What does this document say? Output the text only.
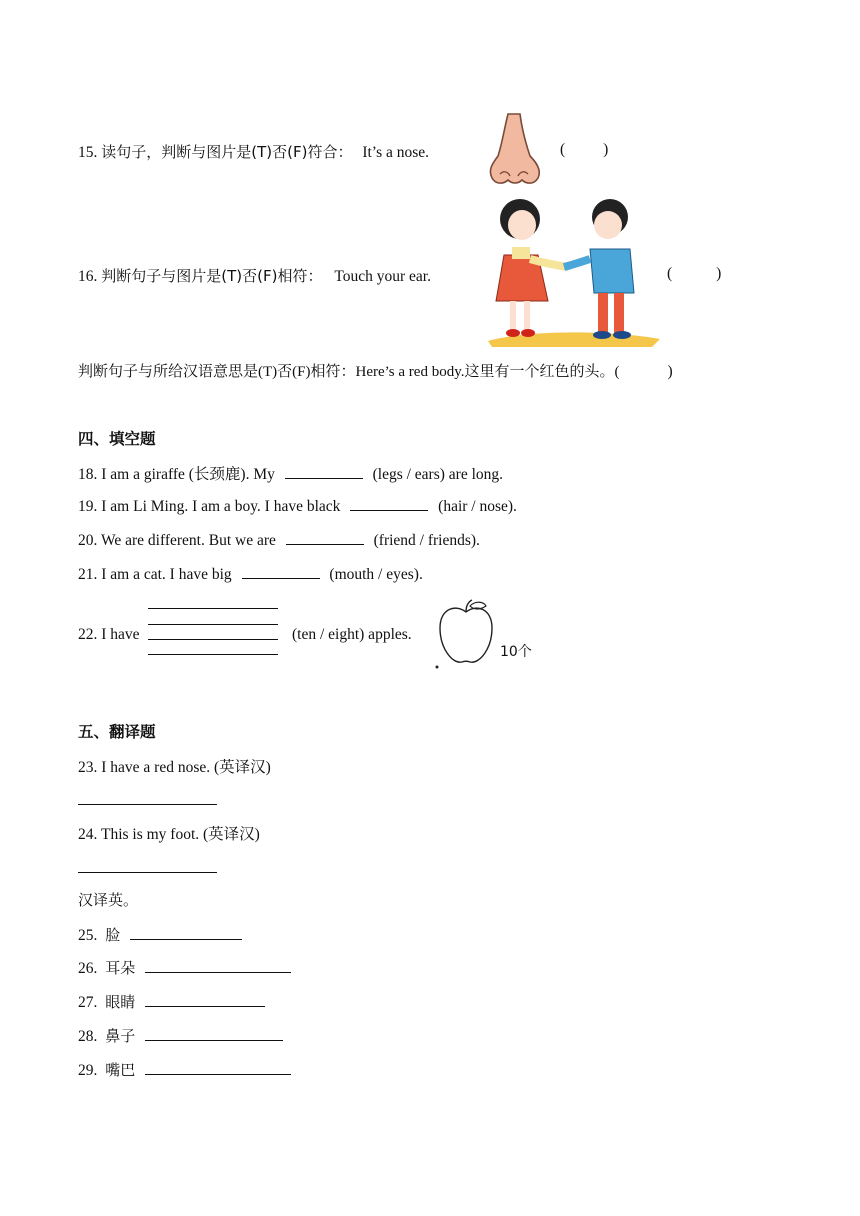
15. 读句子，判断与图片是(T)否(F)符合： It’s a nose.	( )
16. 判断句子与图片是(T)否(F)相符： Touch your ear.	(	)
判断句子与所给汉语意思是(T)否(F)相符：Here’s a red body.这里有一个红色的头。(	)
四、填空题
18. I am a giraffe (长颈鹿). My	(legs / ears) are long.
19. I am Li Ming. I am a boy. I have black	(hair / nose).
20. We are different. But we are	(friend / friends).
21. I am a cat. I have big	(mouth / eyes).
22. I have	(ten / eight) apples.
10个
五、翻译题
23. I have a red nose. (英译汉)
24. This is my foot. (英译汉)
汉译英。
25. 脸
26. 耳朵
27. 眼睛
28. 鼻子
29. 嘴巴
